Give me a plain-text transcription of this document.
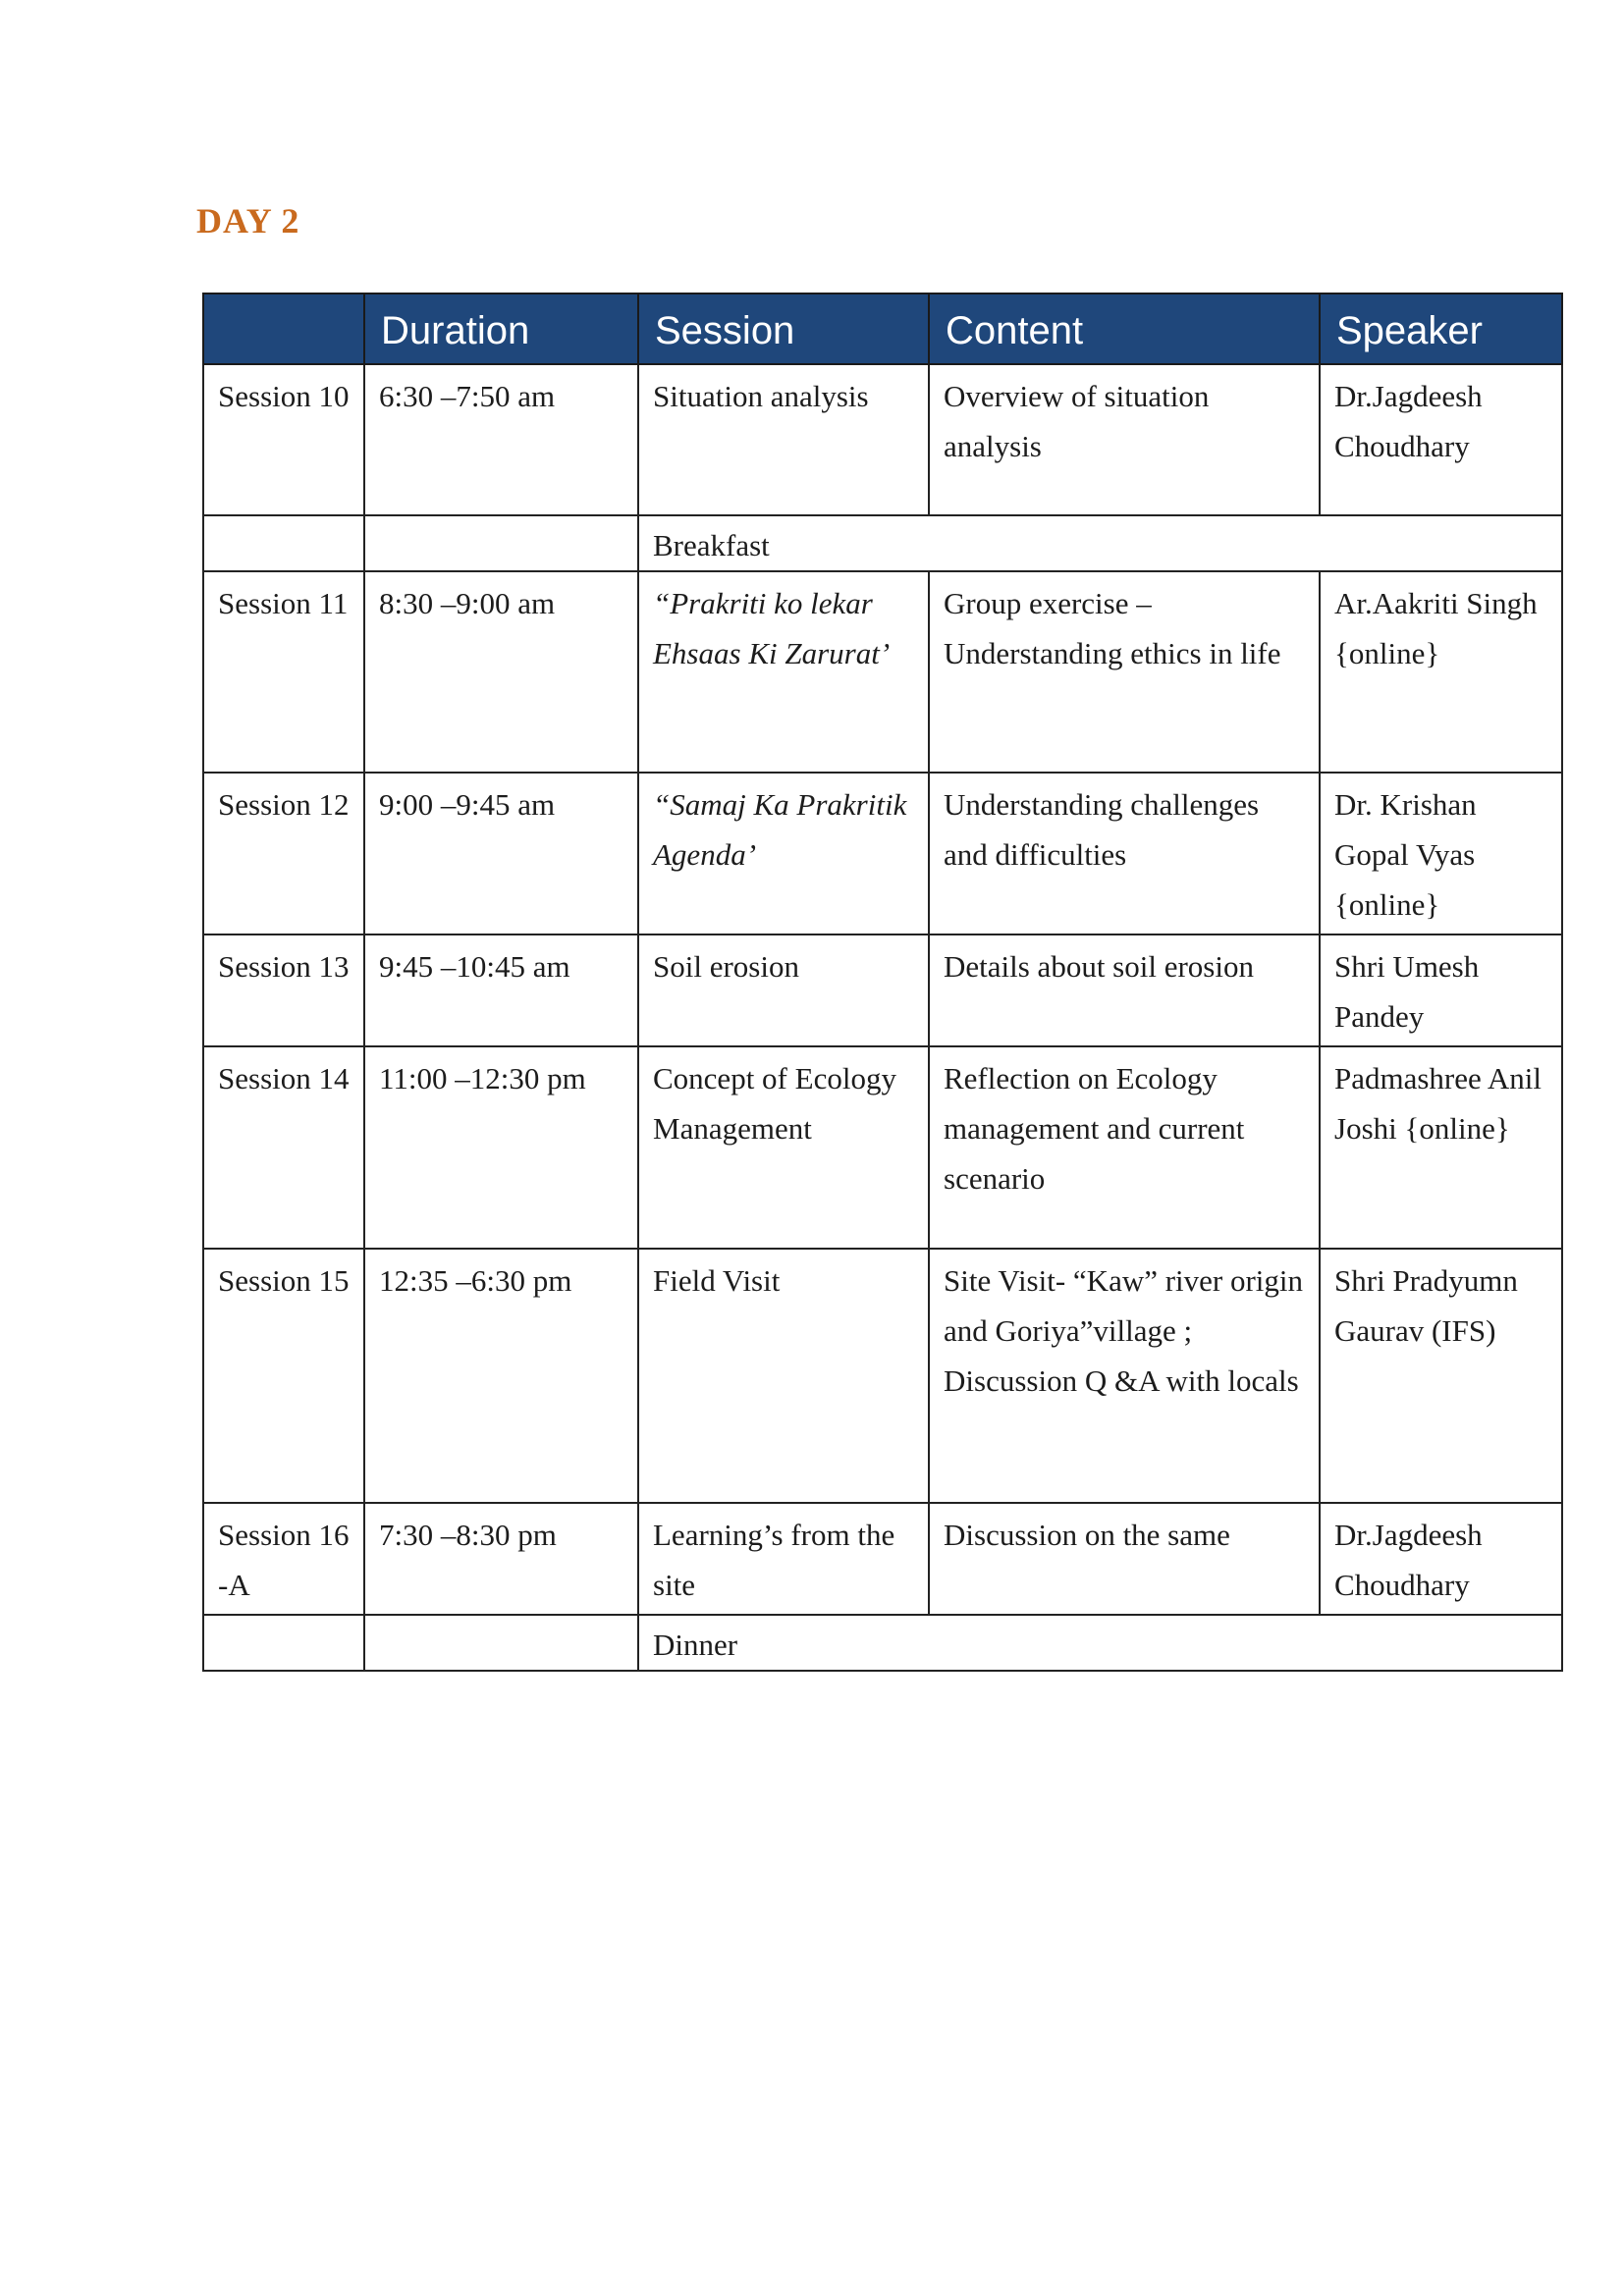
DAY 2
	Duration	Session	Content	Speaker
Session 10	6:30 –7:50 am	Situation analysis	Overview of situation analysis	Dr.Jagdeesh Choudhary
		Breakfast		
Session 11	8:30 –9:00 am	“Prakriti ko lekar Ehsaas Ki Zarurat’	Group exercise – Understanding ethics in life	Ar.Aakriti Singh {online}
Session 12	9:00 –9:45 am	“Samaj Ka Prakritik Agenda’	Understanding challenges and difficulties	Dr. Krishan Gopal Vyas {online}
Session 13	9:45 –10:45 am	Soil erosion	Details about soil erosion	Shri Umesh Pandey
Session 14	11:00 –12:30 pm	Concept of Ecology Management	Reflection on Ecology management and current scenario	Padmashree Anil Joshi {online}
Session 15	12:35 –6:30 pm	Field Visit	Site Visit- “Kaw” river origin and Goriya”village ; Discussion Q &A with locals	Shri Pradyumn Gaurav (IFS)
Session 16 -A	7:30 –8:30 pm	Learning’s from the site	Discussion on the same	Dr.Jagdeesh Choudhary
		Dinner		
